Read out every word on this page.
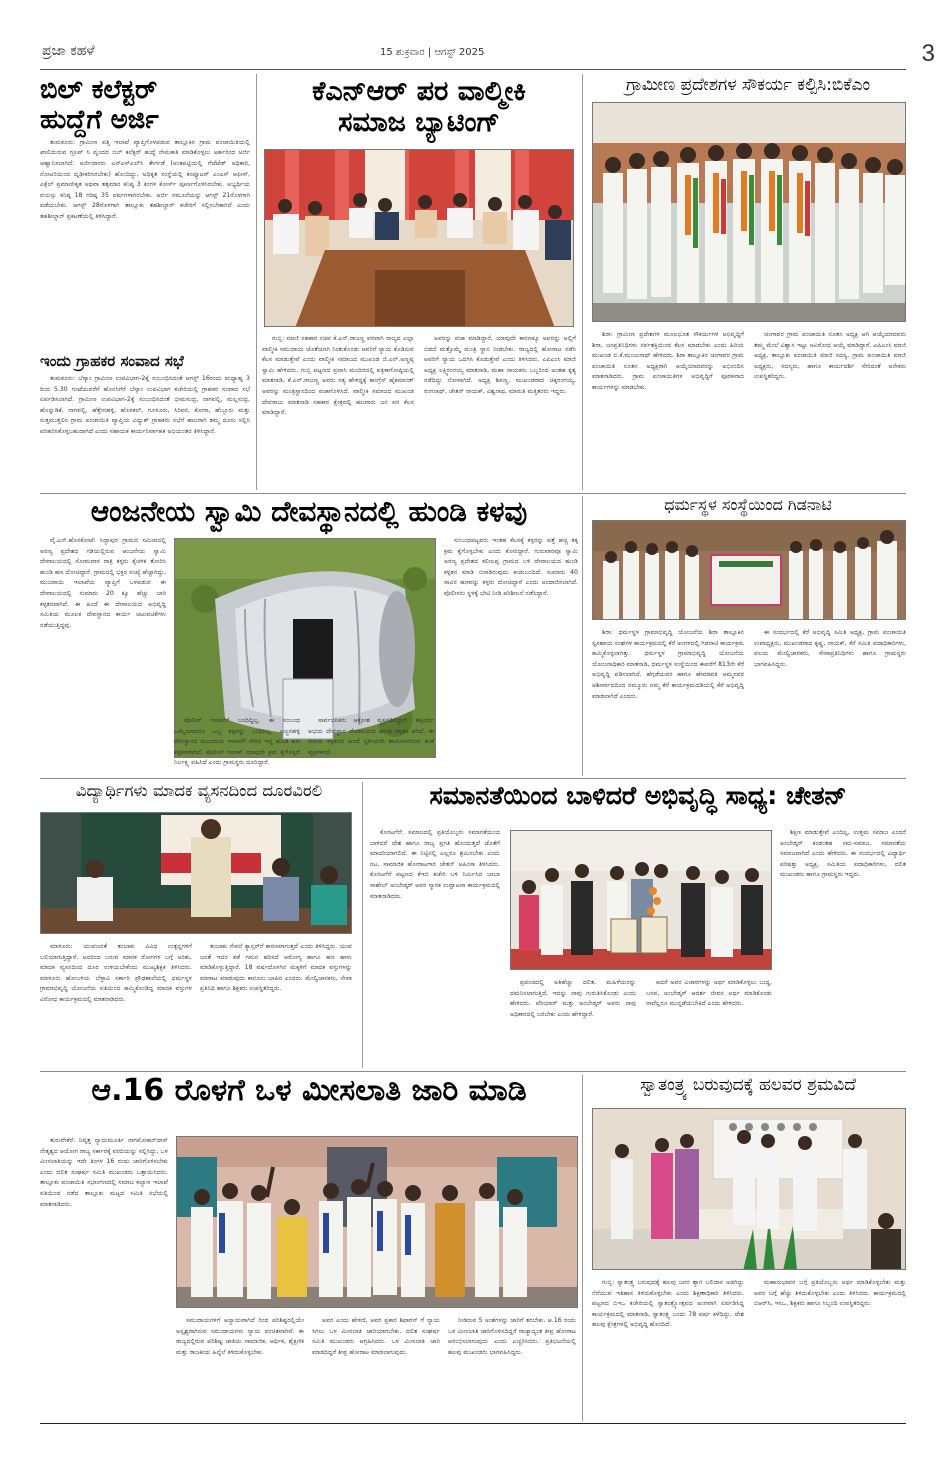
ಪ್ರಜಾ ಕಹಳೆ	15 ಶುಕ್ರವಾರ | ಆಗಸ್ಟ್ 2025	3
ಬಿಲ್ ಕಲೆಕ್ಟರ್
ಹುದ್ದೆಗೆ ಅರ್ಜಿ

ತುಮಕೂರು: ಗ್ರಾಮೀಣ ಪತ್ತಿ ಇಲಾಖೆ ವ್ಯಾಪ್ತಿಗೊಳಪಡುವ ತಾಲ್ಲೂಕಿನ ಗ್ರಾಮ ಪಂಚಾಯಿತಿಯಲ್ಲಿ ಖಾಲಿಯಿರುವ ಗ್ರೂಪ್ ಸಿ ವೃಂದದ ಬಿಲ್ ಕಲೆಕ್ಟರ್ ಹುದ್ದೆ ನೇಮಕಾತಿ ಮಾಡಿಕೊಳ್ಳಲು ಅರ್ಹರಿಂದ ಅರ್ಜಿ ಆಹ್ವಾನಿಸಲಾಗಿದೆ. ಅರ್ಜಿದಾರರು ಎಸ್‌ಎಸ್‌ಎಲ್‌ಸಿ ತೇರ್ಗಡೆ (ಅಂಕಪಟ್ಟಿಯಲ್ಲಿ ಗೆಜೆಟೆಡ್ ಅಧಿಕಾರಿ, ನೋಟರಿಯಿಂದ ದೃಢೀಕರಿಸಿರಬೇಕು) ಹೊಂದಿದ್ದು, ಅಧಿಕೃತ ಸಂಸ್ಥೆಯಲ್ಲಿ ಕಂಪ್ಯೂಟರ್ ಎಂಎಸ್ ಆಫೀಸ್, ಎಕ್ಸೆಲ್ ಪ್ರಮಾಣೀಕೃತ ಅಥವಾ ತತ್ಸಮಾನ ಕನಿಷ್ಠ 3 ತಿಂಗಳ ಕೋರ್ಸ್ ಪೂರ್ಣಗೊಳಿಸಿರಬೇಕು. ಅಭ್ಯರ್ಥಿಯ ವಯಸ್ಸು ಕನಿಷ್ಠ 18 ಗರಿಷ್ಠ 35 ವರ್ಷಗಳಾಗಿರಬೇಕು. ಅರ್ಜಿ ನಮೂನೆಯನ್ನು ಆಗಸ್ಟ್ 21ರೊಳಗಾಗಿ ಪಡೆಯಬೇಕು. ಆಗಸ್ಟ್ 28ರೊಳಗಾಗಿ ತಾಲ್ಲೂಕು ತಹಶೀಲ್ದಾರ್ ಕಚೇರಿಗೆ ಸಲ್ಲಿಸಬೇಕಾಗಿದೆ ಎಂದು ತಹಶೀಲ್ದಾರ್ ಪ್ರಕಟಣೆಯಲ್ಲಿ ತಿಳಿಸಿದ್ದಾರೆ.

ಇಂದು ಗ್ರಾಹಕರ ಸಂವಾದ ಸಭೆ

ತುಮಕೂರು: ಬೆಸ್ಕಾಂ ಗ್ರಾಮೀಣ ಉಪವಿಭಾಗ-2ಕ್ಕೆ ಸಂಬಂಧಿಸಿದಂತೆ ಆಗಸ್ಟ್ 16ರಂದು ಮಧ್ಯಾಹ್ನ 3 ರಿಂದ 5.30 ಗಂಟೆಯವರೆಗೆ ಹೊನಸಿಗೆರೆ ಬೆಸ್ಕಾಂ ಉಪವಿಭಾಗ ಕಚೇರಿಯಲ್ಲಿ ಗ್ರಾಹಕರ ಸಂವಾದ ಸಭೆ ಏರ್ಪಡಿಸಲಾಗಿದೆ. ಗ್ರಾಮೀಣ ಉಪವಿಭಾಗ-2ಕ್ಕೆ ಸಂಬಂಧಿಸಿದಂತೆ ಭೀಮಸಂದ್ರ, ನಾಗವಲ್ಲಿ, ಮಲ್ಲಸಂದ್ರ, ಹೊನ್ನುಡಿಕೆ, ನಾಗವಲ್ಲಿ, ಹೆತ್ತೇನಹಳ್ಳಿ, ಹೊಳಕಲ್, ಗೂಳೂರು, ಸಿರಿವರ, ಕೋರಾ, ಹೆಬ್ಬೂರು ಮತ್ತು ಸುತ್ತಮುತ್ತಲಿನ ಗ್ರಾಮ ಪಂಚಾಯಿತಿ ವ್ಯಾಪ್ತಿಯ ವಿದ್ಯುತ್ ಗ್ರಾಹಕರು ಸಭೆಗೆ ಹಾಜರಾಗಿ ತಮ್ಮ ದೂರು ಸಲ್ಲಿಸಿ ಪರಿಹರಿಸಿಕೊಳ್ಳಬಹುದಾಗಿದೆ ಎಂದು ಸಹಾಯಕ ಕಾರ್ಯನಿರ್ವಾಹಕ ಅಭಿಯಂತರ ತಿಳಿಸಿದ್ದಾರೆ.

ಕೆಎನ್‌ಆರ್ ಪರ ವಾಲ್ಮೀಕಿ
ಸಮಾಜ ಬ್ಯಾಟಿಂಗ್

ಗುಬ್ಬಿ: ಮಾಜಿ ಸಹಕಾರ ಸಚಿವ ಕೆ.ಎನ್.ರಾಜಣ್ಣ ಪರವಾಗಿ ರಾಜ್ಯದ ಎಲ್ಲಾ ವಾಲ್ಮೀಕಿ ಸಮುದಾಯ ಜೊತೆಯಾಗಿ ನಿಂತುಕೊಂಡು ಅವರಿಗೆ ನ್ಯಾಯ ಕೊಡಿಸುವ ಕೆಲಸ ಮಾಡುತ್ತೇವೆ ಎಂದು ವಾಲ್ಮೀಕಿ ಸಮಾಜದ ಮುಖಂಡ ಜಿ.ಎನ್.ಅಣ್ಣಪ್ಪ ಸ್ವಾಮಿ ಹೇಳಿದರು. ಗುಬ್ಬಿ ಪಟ್ಟಣದ ಪ್ರವಾಸಿ ಮಂದಿರದಲ್ಲಿ ಪತ್ರಿಕಾಗೋಷ್ಠಿಯಲ್ಲಿ ಮಾತನಾಡಿ, ಕೆ.ಎನ್.ರಾಜಣ್ಣ ಅವರು ಸತ್ಯ ಹೇಳಿದ್ದಕ್ಕೆ ಕಾಂಗ್ರೆಸ್ ಹೈಕಮಾಂಡ್ ಅವರನ್ನು ಮಂತ್ರಿಸ್ಥಾನದಿಂದ ವಜಾಗೊಳಿಸಿದೆ. ವಾಲ್ಮೀಕಿ ಸಮಾಜದ ಮುಖಂಡ ದೇವರಾಜು ಮಾತನಾಡಿ ಸಹಕಾರ ಕ್ಷೇತ್ರದಲ್ಲಿ ಹಲವಾರು ಜನ ಪರ ಕೆಲಸ ಮಾಡಿದ್ದಾರೆ.

ಅವರನ್ನು ವಜಾ ಮಾಡಿದ್ದಾರೆ, ಯಾವುದೇ ಕಾರಣಕ್ಕೂ ಅವರನ್ನು ಅಲ್ಲಿಗೆ ಬಿಡದೆ ಮತ್ತೊಮ್ಮೆ ಮಂತ್ರಿ ಸ್ಥಾನ ನೀಡಬೇಕು. ರಾಜ್ಯದಲ್ಲಿ ಹೋರಾಟ ನಡೆಸಿ ಅವರಿಗೆ ನ್ಯಾಯ ಒದಗಿಸಿ ಕೊಡುತ್ತೇವೆ ಎಂದು ತಿಳಿಸಿದರು. ಎಪಿಎಂಸಿ ಮಾಜಿ ಅಧ್ಯಕ್ಷ ಲಕ್ಷ್ಮಿರಂಗಯ್ಯ ಮಾತನಾಡಿ, ಮಹಾ ನಾಯಕರು ಒಬ್ಬರಿಂದ ಅಂತಹ ಕೃತ್ಯ ನಡೆದಿದ್ದು ನೋವಾಗಿದೆ. ಅಧ್ಯಕ್ಷ ಶಿವಣ್ಣ, ಮುಖಂಡರಾದ ಚಿಕ್ಕರಂಗಯ್ಯ, ರಂಗನಾಥ್, ಚೇತನ್ ನಾಯಕ್, ವಿಶ್ವನಾಥ, ಮಾರುತಿ ಮತ್ತಿತರರು ಇದ್ದರು.

ಗ್ರಾಮೀಣ ಪ್ರದೇಶಗಳ ಸೌಕರ್ಯ ಕಲ್ಪಿಸಿ:ಬಿಕೆಎಂ

ಶಿರಾ: ಗ್ರಾಮೀಣ ಪ್ರದೇಶಗಳ ಮೂಲಭೂತ ಸೌಕರ್ಯಗಳ ಅಭಿವೃದ್ಧಿಗೆ ಶಿರಾ, ಜನಪ್ರತಿನಿಧಿಗಳು ಸರ್ವಶಕ್ತಿಯಿಂದ ಕೆಲಸ ಮಾಡಬೇಕು ಎಂದು ಹಿರಿಯ ಮುಖಂಡ ಬಿ.ಕೆ.ಮಂಜುನಾಥ್ ಹೇಳಿದರು. ಶಿರಾ ತಾಲ್ಲೂಕಿನ ಚಂಗಾವರ ಗ್ರಾಮ ಪಂಚಾಯಿತಿ ನೂತನ ಅಧ್ಯಕ್ಷರಾಗಿ ಆಯ್ಕೆಯಾದವರನ್ನು ಅಭಿನಂದಿಸಿ ಮಾತನಾಡಿದರು. ಗ್ರಾಮ ಪಂಚಾಯಿತಿಗಳ ಅಭಿವೃದ್ಧಿಗೆ ಪೂರಕವಾದ ಕಾರ್ಯಗಳನ್ನು ಮಾಡಬೇಕು.

ಚಂಗಾವರ ಗ್ರಾಮ ಪಂಚಾಯಿತಿ ನೂತನ ಅಧ್ಯಕ್ಷ ಆಗಿ ಆಯ್ಕೆಯಾದವರು ತಮ್ಮ ಮೇಲೆ ವಿಶ್ವಾಸ ಇಟ್ಟು ಅವಿರೋಧ ಆಯ್ಕೆ ಮಾಡಿದ್ದಾರೆ. ಎಪಿಎಂಸಿ ಮಾಜಿ ಅಧ್ಯಕ್ಷ, ತಾಲ್ಲೂಕು ಪಂಚಾಯಿತಿ ಮಾಜಿ ಸದಸ್ಯ, ಗ್ರಾಮ ಪಂಚಾಯಿತಿ ಮಾಜಿ ಅಧ್ಯಕ್ಷರು, ಸದಸ್ಯರು, ಹಾಗೂ ಕಾರ್ಯದರ್ಶಿ ಸೇರಿದಂತೆ ಅನೇಕರು ಉಪಸ್ಥಿತರಿದ್ದರು.

ಆಂಜನೇಯ ಸ್ವಾಮಿ ದೇವಸ್ಥಾನದಲ್ಲಿ ಹುಂಡಿ ಕಳವು

ವೈ.ಎನ್.ಹೊಸಕೋಟೆ: ಸಿದ್ದಾಪುರ ಗ್ರಾಮದ ಸಮೀಪದಲ್ಲಿ ಅರಣ್ಯ ಪ್ರದೇಶದ ಗಡಿಯಲ್ಲಿರುವ ಆಂಜನೇಯ ಸ್ವಾಮಿ ದೇವಾಲಯದಲ್ಲಿ ಸೋಮವಾರ ರಾತ್ರಿ ಕಳ್ಳರು ಕೈಚಳಕ ತೋರಿಸಿ ಹುಂಡಿ ಹಣ ದೋಚಿದ್ದಾರೆ. ಗ್ರಾಮದಲ್ಲಿ ಭಕ್ತರ ಸಂಖ್ಯೆ ಹೆಚ್ಚಾಗಿದ್ದು, ಮುಜರಾಯಿ ಇಲಾಖೆಯ ವ್ಯಾಪ್ತಿಗೆ ಒಳಪಡುವ ಈ ದೇವಾಲಯದಲ್ಲಿ ಸುಮಾರು 20 ಕ್ಕೂ ಹೆಚ್ಚು ಬಾರಿ ಕಳ್ಳತನವಾಗಿದೆ. ಈ ಹಿಂದೆ ಈ ದೇವಾಲಯದ ಅಭಿವೃದ್ಧಿ ಸಮಿತಿಯ ಮೂಲಕ ದೇವಸ್ಥಾನದ ಕಾರ್ಯ ಚಟುವಟಿಕೆಗಳು ನಡೆಯುತ್ತಿದ್ದವು.

ಸಂಬಂಧಪಟ್ಟವರು ಇಂತಹ ಕೆಲಸಕ್ಕೆ ಕಳ್ಳರನ್ನು ಪತ್ತೆ ಹಚ್ಚಿ ತಕ್ಕ ಕ್ರಮ ಕೈಗೊಳ್ಳಬೇಕು ಎಂದು ಕೋರಿದ್ದಾರೆ. ಗುರುವಾರವೂ ಸ್ವಾಮಿ ಅರಣ್ಯ ಪ್ರದೇಶದ ಕಲೀಲಪ್ಪ ಗ್ರಾಮದ ಬಳಿ ದೇವಾಲಯದ ಹುಂಡಿ ಕಳ್ಳತನ ಮಾಡಿ ಬಿಸಾಡಿರುವುದು ಕಂಡುಬಂದಿದೆ. ಸುಮಾರು 40 ಸಾವಿರ ಹಣವನ್ನು ಕಳ್ಳರು ದೋಚಿದ್ದಾರೆ ಎಂದು ಅಂದಾಜಿಸಲಾಗಿದೆ. ಪೊಲೀಸರು ಸ್ಥಳಕ್ಕೆ ಭೇಟಿ ನೀಡಿ ಪರಿಶೀಲನೆ ನಡೆಸಿದ್ದಾರೆ.

ಪೊಲೀಸ್ ಇಲಾಖೆಗೆ ಬಂದಿದ್ದಿಲ್ಲ. ಈ ಸಂಬಂಧ ಒಮ್ಮೆಯಾದರೂ ಒಬ್ಬ ಕಳ್ಳನನ್ನು ಬಂಧಿಸಿಲ್ಲ. ಅಜ್ಜನಹಳ್ಳಿ ದೇವಸ್ಥಾನದ ಮುಜರಾಯಿ ಇಲಾಖೆಗೆ ಸೇರಿದ ಇದ್ದ ಹುಂಡಿ ಹಣ ಕಳ್ಳತನವಾಗಿದೆ. ಪೊಲೀಸ್ ಇಲಾಖೆ ಯಾವುದೇ ಕ್ರಮ ಕೈಗೊಳ್ಳದೆ ನಿರ್ಲಕ್ಷ್ಯ ವಹಿಸಿದೆ ಎಂದು ಗ್ರಾಮಸ್ಥರು ದೂರಿದ್ದಾರೆ.

ಸಾರ್ವಜನಿಕರು ಆಕ್ರೋಶ ವ್ಯಕ್ತಪಡಿಸಿದ್ದಾರೆ. ಶಕ್ತಿವರ್ಧ ಅಭಯ ದೇವಸ್ಥಾನ ದೇವಾಲಯದ ಹುಂಡಿ ಕಳ್ಳತನ ಆಗಿದೆ. ಈ ರೀತಿಯ ಕಳ್ಳತನದ ಹಿಂದೆ ಸ್ಥಳೀಯರೇ ಶಾಮೀಲಾಗಿರುವ ಶಂಕೆ ವ್ಯಕ್ತವಾಗಿದೆ.

ಧರ್ಮಸ್ಥಳ ಸಂಸ್ಥೆಯಿಂದ ಗಿಡನಾಟಿ

ಶಿರಾ: ಧರ್ಮಸ್ಥಳ ಗ್ರಾಮಾಭಿವೃದ್ಧಿ ಯೋಜನೆಯ ಶಿರಾ ತಾಲ್ಲೂಕಿನ ಸ್ವಸಹಾಯ ಸಂಘಗಳ ಕಾರ್ಯಕ್ರಮದಲ್ಲಿ ಕೆರೆ ಅಂಗಳದಲ್ಲಿ ಗಿಡನಾಟಿ ಕಾರ್ಯಕ್ರಮ ಹಮ್ಮಿಕೊಳ್ಳಲಾಗಿತ್ತು. ಧರ್ಮಸ್ಥಳ ಗ್ರಾಮಾಭಿವೃದ್ಧಿ ಯೋಜನೆಯ ಯೋಜನಾಧಿಕಾರಿ ಮಾತನಾಡಿ, ಧರ್ಮಸ್ಥಳ ಸಂಸ್ಥೆಯಿಂದ ಈವರೆಗೆ 813ನೇ ಕೆರೆ ಅಭಿವೃದ್ಧಿ ಪಡಿಸಲಾಗಿದೆ. ಹೆಗ್ಗಡೆಯವರ ಹಾಗೂ ಹೇಮಾವತಿ ಅಮ್ಮನವರ ಆಶೀರ್ವಾದದಿಂದ ನಮ್ಮೂರು ನಮ್ಮ ಕೆರೆ ಕಾರ್ಯಕ್ರಮದಡಿಯಲ್ಲಿ ಕೆರೆ ಅಭಿವೃದ್ಧಿ ಮಾಡಲಾಗಿದೆ ಎಂದರು.

ಈ ಸಂದರ್ಭದಲ್ಲಿ ಕೆರೆ ಅಭಿವೃದ್ಧಿ ಸಮಿತಿ ಅಧ್ಯಕ್ಷ, ಗ್ರಾಮ ಪಂಚಾಯಿತಿ ಉಪಾಧ್ಯಕ್ಷರು, ಮುಖಂಡರಾದ ಕೃಷ್ಣ, ನಾಯಕ್, ಕೆರೆ ಸಮಿತಿ ಪದಾಧಿಕಾರಿಗಳು, ವಲಯ ಮೇಲ್ವಿಚಾರಕರು, ಸೇವಾಪ್ರತಿನಿಧಿಗಳು ಹಾಗೂ ಗ್ರಾಮಸ್ಥರು ಭಾಗವಹಿಸಿದ್ದರು.

ವಿದ್ಯಾರ್ಥಿಗಳು ಮಾದಕ ವ್ಯಸನದಿಂದ ದೂರವಿರಲಿ

ಮಾಳೂರು: ಯುವಜನತೆ ತಂಬಾಕು ವಿವಿಧ ಉತ್ಪನ್ನಗಳಿಗೆ ಬಲಿಯಾಗುತ್ತಿದ್ದಾರೆ. ಅದರಿಂದ ಬರುವ ಮಾರಕ ರೋಗಗಳ ಬಗ್ಗೆ ಅರಿತು, ಮಾದಕ ವ್ಯಸನದಿಂದ ದೂರ ಉಳಿಯಬೇಕೆಂದು ಮುಖ್ಯಶಿಕ್ಷಕ ತಿಳಿಸಿದರು. ಮಾಳೂರು ಹೋಬಳಿಯ ಬೆಳ್ಳಾವಿ ಸರ್ಕಾರಿ ಪ್ರೌಢಶಾಲೆಯಲ್ಲಿ ಧರ್ಮಸ್ಥಳ ಗ್ರಾಮಾಭಿವೃದ್ಧಿ ಯೋಜನೆಯ ವತಿಯಿಂದ ಹಮ್ಮಿಕೊಂಡಿದ್ದ ಮಾದಕ ವಸ್ತುಗಳ ವಿರೋಧ ಕಾರ್ಯಕ್ರಮದಲ್ಲಿ ಮಾತನಾಡಿದರು.

ತಂಬಾಕು ಸೇವನೆ ಕ್ಯಾನ್ಸರ್‌ಗೆ ಕಾರಣವಾಗುತ್ತದೆ ಎಂದು ತಿಳಿಸಿದ್ದರು. ಯುವ ಜನತೆ ಇದರ ಕಡೆ ಗಮನ ಹರಿಸದೆ ಆರೋಗ್ಯ ಹಾಗೂ ಹಣ ಹಾಳು ಮಾಡಿಕೊಳ್ಳುತ್ತಿದ್ದಾರೆ. 18 ವರ್ಷದೊಳಗಿನ ಮಕ್ಕಳಿಗೆ ಮಾದಕ ವಸ್ತುಗಳನ್ನು ಮಾರಾಟ ಮಾಡುವುದು ಕಾನೂನು ಬಾಹಿರ ಎಂದರು. ಮೇಲ್ವಿಚಾರಕರು, ಸೇವಾ ಪ್ರತಿನಿಧಿ ಹಾಗೂ ಶಿಕ್ಷಕರು ಉಪಸ್ಥಿತರಿದ್ದರು.

ಸಮಾನತೆಯಿಂದ ಬಾಳಿದರೆ ಅಭಿವೃದ್ಧಿ ಸಾಧ್ಯ: ಚೇತನ್

ಕೊರಟಗೆರೆ: ಸಮಾಜದಲ್ಲಿ ಪ್ರತಿಯೊಬ್ಬರು ಸಮಾನತೆಯಿಂದ ಬಾಳಿದರೆ ದೇಶ ಹಾಗೂ ರಾಜ್ಯ ಪ್ರಗತಿ ಹೊಂದುತ್ತದೆ ಜೊತೆಗೆ ಮಾದರಿಯಾಗಲಿದೆ. ಈ ನಿಟ್ಟಿನಲ್ಲಿ ಎಲ್ಲರೂ ಶ್ರಮಿಸಬೇಕು ಎಂದು ನಟ, ಸಾಮಾಜಿಕ ಹೋರಾಟಗಾರ ಚೇತನ್ ಅಹಿಂಸಾ ತಿಳಿಸಿದರು. ಕೊರಟಗೆರೆ ಪಟ್ಟಣದ ಕೆಇಬಿ ಕಚೇರಿ ಬಳಿ ನಿರ್ಮಿಸಿದ ಬಾಬಾ ಸಾಹೇಬ್ ಅಂಬೇಡ್ಕರ್ ಅವರ ಸ್ಮಾರಕ ಉದ್ಘಾಟನಾ ಕಾರ್ಯಕ್ರಮದಲ್ಲಿ ಮಾತನಾಡಿದರು.

ಪ್ರಪಂಚದಲ್ಲಿ ಅತಿಹೆಚ್ಚು ದಲಿತ, ಮಹಿಳೆಯರನ್ನು ದಮನಿಸಲಾಗುತ್ತಿದೆ, ಇದನ್ನು ನಾವು ಗುರುತಿಸಿಕೊಂಡು ಎಂದು ಹೇಳಿದರು. ಪೆರಿಯಾರ್ ಮತ್ತು ಅಂಬೇಡ್ಕರ್ ಅವರು ನಾವು ಅಧಿಕಾರದಲ್ಲಿ ಬರಬೇಕು ಎಂದು ಹೇಳಿದ್ದಾರೆ.

ಆದರೆ ಅವರ ವಿಚಾರಗಳನ್ನು ಅರ್ಥ ಮಾಡಿಕೊಳ್ಳಲು ಬುದ್ಧ, ಬಸವ, ಅಂಬೇಡ್ಕರ್ ಆದರ್ಶ ಜೀವನ ಅರ್ಥ ಮಾಡಿಕೊಂಡು ನಾವೆಲ್ಲರೂ ಮುನ್ನಡೆಯಬೇಕಿದೆ ಎಂದು ಹೇಳಿದರು.

ಶಿಕ್ಷಣ ಮಾಡುತ್ತೇವೆ ಎಂದಿಲ್ಲ, ಉತ್ತಮ ಸಮಾಜ ಎಂದರೆ ಅಂಬೇಡ್ಕರ್ ಕಂಡಂತಹ ಸಮ-ಸಮಾಜ, ಸಮಾನತೆಯ ಸಮಾಜವಾಗಿದೆ ಎಂದು ಹೇಳಿದರು. ಈ ಸಂದರ್ಭದಲ್ಲಿ ವಿದ್ಯಾರ್ಥಿ ಪರಿಷತ್ತು ಅಧ್ಯಕ್ಷ, ಸಮಿತಿಯ ಪದಾಧಿಕಾರಿಗಳು, ದಲಿತ ಮುಖಂಡರು ಹಾಗೂ ಗ್ರಾಮಸ್ಥರು ಇದ್ದರು.

ಆ.16 ರೊಳಗೆ ಒಳ ಮೀಸಲಾತಿ ಜಾರಿ ಮಾಡಿ

ತುರುವೇಕೆರೆ: ನಿವೃತ್ತ ನ್ಯಾಯಮೂರ್ತಿ ನಾಗಮೋಹನ್‌ದಾಸ್ ನೇತೃತ್ವದ ಆಯೋಗ ರಾಜ್ಯ ಸರ್ಕಾರಕ್ಕೆ ವರದಿಯನ್ನು ಸಲ್ಲಿಸಿದ್ದು, ಒಳ ಮೀಸಲಾತಿಯನ್ನು ಇದೇ ತಿಂಗಳ 16 ರಂದು ಜಾರಿಗೊಳಿಸಬೇಕು ಎಂದು ದಲಿತ ಸಂಘರ್ಷ ಸಮಿತಿ ಮುಖಂಡರು ಒತ್ತಾಯಿಸಿದರು. ತಾಲ್ಲೂಕು ಪಂಚಾಯಿತಿ ಸಭಾಂಗಣದಲ್ಲಿ ಸಮಾಜ ಕಲ್ಯಾಣ ಇಲಾಖೆ ವತಿಯಿಂದ ನಡೆದ ತಾಲ್ಲೂಕು ಮಟ್ಟದ ಸಮಿತಿ ಸಭೆಯಲ್ಲಿ ಮಾತನಾಡಿದರು.

ಸಮುದಾಯಗಳಿಗೆ ಅನ್ಯಾಯವಾಗಿದೆ ರಿಂದ ಪರಿಶಿಷ್ಟರಲ್ಲಿಯೇ ಅಸ್ಪೃಶ್ಯರಾಗಿರುವ ಸಮುದಾಯಗಳು ನ್ಯಾಯ ವಂಚಿತವಾಗಿವೆ. ಈ ರಾಜ್ಯದಲ್ಲಿರುವ ಪರಿಶಿಷ್ಟ ಜಾತಿಯ ಸಾಮಾಜಿಕ, ಆರ್ಥಿಕ, ಶೈಕ್ಷಣಿಕ ಮತ್ತು ರಾಜಕೀಯ ಹಿನ್ನೆಲೆ ತಿಳಿದುಕೊಳ್ಳಬೇಕು.

ಅವರ ಎಂದು ಹೇಳಿದೆ, ಅವರ ಪ್ರಕಾರ ಶಿಫಾರಸ್ ಗೆ ನ್ಯಾಯ ಸಿಗಲು ಒಳ ಮೀಸಲಾತಿ ಜಾರಿಯಾಗಬೇಕು. ದಲಿತ ಸಂಘರ್ಷ ಸಮಿತಿ ಮುಖಂಡರು ಆಗ್ರಹಿಸಿದರು. ಒಳ ಮೀಸಲಾತಿ ಜಾರಿ ಮಾಡದಿದ್ದರೆ ತೀವ್ರ ಹೋರಾಟ ಮಾಡಲಾಗುವುದು.

ನೀಡಿರುವ 5 ಅಂಶಗಳನ್ನು ಜಾರಿಗೆ ತರಬೇಕು. ಆ.16 ರಂದು ಒಳ ಮೀಸಲಾತಿ ಜಾರಿಗೊಳಿಸದಿದ್ದರೆ ರಾಜ್ಯಾದ್ಯಂತ ತೀವ್ರ ಹೋರಾಟ ಆರಂಭಿಸಲಾಗುವುದು ಎಂದು ಎಚ್ಚರಿಸಿದರು. ಪ್ರತಿಭಟನೆಯಲ್ಲಿ ಹಲವು ಮುಖಂಡರು ಭಾಗವಹಿಸಿದ್ದರು.

ಸ್ವಾತಂತ್ರ್ಯ ಬರುವುದಕ್ಕೆ ಹಲವರ ಶ್ರಮವಿದೆ

ಗುಬ್ಬಿ: ಸ್ವಾತಂತ್ರ್ಯ ಬರುವುದಕ್ಕೆ ಹಲವು ಜನರ ತ್ಯಾಗ ಬಲಿದಾನ ಅಡಗಿದ್ದು ನೆನೆಯುವ ಇತಿಹಾಸ ತಿಳಿದುಕೊಳ್ಳಬೇಕು ಎಂದು ಶಿಕ್ಷಣಾಧಿಕಾರಿ ತಿಳಿಸಿದರು. ಪಟ್ಟಣದ ಬಿಇಒ ಕಚೇರಿಯಲ್ಲಿ ಸ್ವಾತಂತ್ರ್ಯೋತ್ಸವದ ಅಂಗವಾಗಿ ಏರ್ಪಡಿಸಿದ್ದ ಕಾರ್ಯಕ್ರಮದಲ್ಲಿ ಮಾತನಾಡಿ, ಸ್ವಾತಂತ್ರ್ಯ ಬಂದು 78 ವರ್ಷ ಕಳೆದಿದ್ದು, ದೇಶ ಹಲವು ಕ್ಷೇತ್ರಗಳಲ್ಲಿ ಅಭಿವೃದ್ಧಿ ಹೊಂದಿದೆ.

ಮಹಾನುಭಾವರ ಬಗ್ಗೆ ಪ್ರತಿಯೊಬ್ಬರು ಅರ್ಥ ಮಾಡಿಕೊಳ್ಳಬೇಕು ಮತ್ತು ಅವರ ಬಗ್ಗೆ ಹೆಚ್ಚು ತಿಳಿದುಕೊಳ್ಳಬೇಕು ಎಂದು ತಿಳಿಸಿದರು. ಕಾರ್ಯಕ್ರಮದಲ್ಲಿ ಬಿಆರ್‌ಸಿ, ಇಸಿಒ, ಶಿಕ್ಷಕರು ಹಾಗೂ ಸಿಬ್ಬಂದಿ ಉಪಸ್ಥಿತರಿದ್ದರು.
